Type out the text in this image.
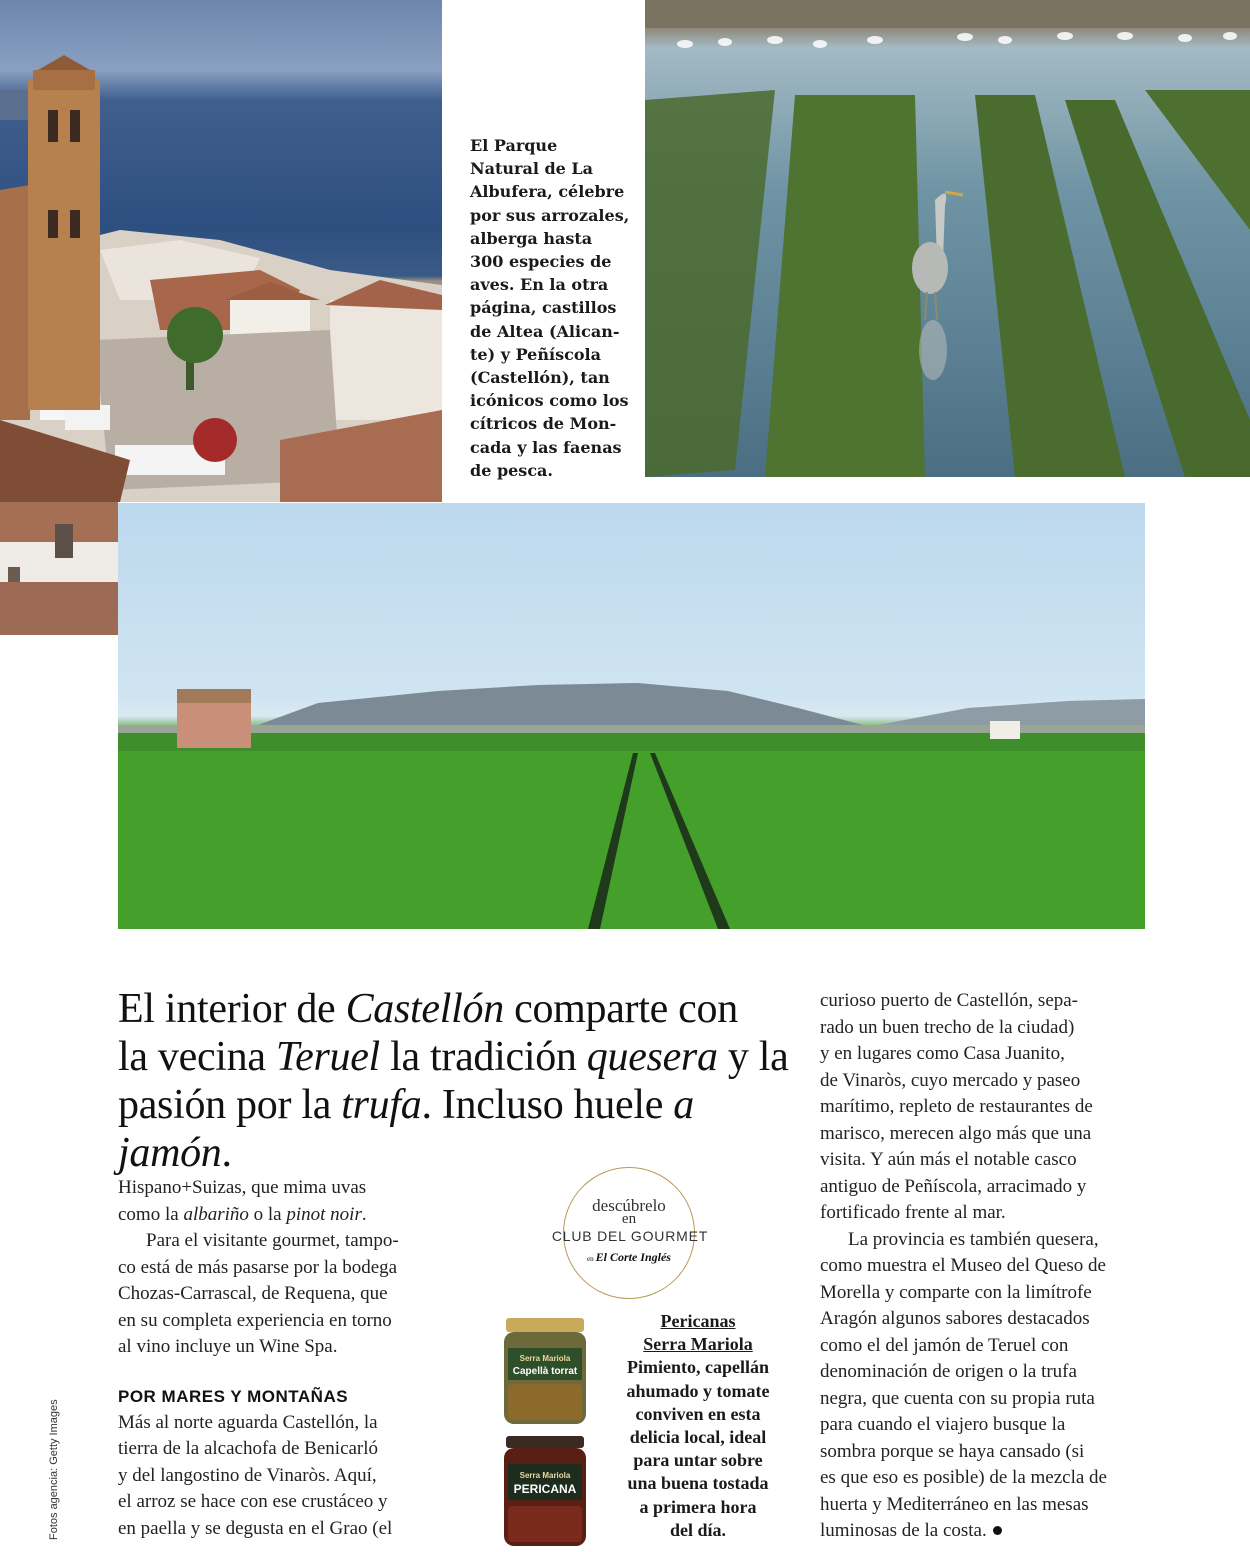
El Parque
Natural de La
Albufera, célebre
por sus arrozales,
alberga hasta
300 especies de
aves. En la otra
página, castillos
de Altea (Alican-
te) y Peñíscola
(Castellón), tan
icónicos como los
cítricos de Mon-
cada y las faenas
de pesca.
El interior de Castellón comparte con
la vecina Teruel la tradición quesera y la
pasión por la trufa. Incluso huele a jamón.

Hispano+Suizas, que mima uvas
como la albariño o la pinot noir.

Para el visitante gourmet, tampo-
co está de más pasarse por la bodega
Chozas-Carrascal, de Requena, que
en su completa experiencia en torno
al vino incluye un Wine Spa.

POR MARES Y MONTAÑAS

Más al norte aguarda Castellón, la
tierra de la alcachofa de Benicarló
y del langostino de Vinaròs. Aquí,
el arroz se hace con ese crustáceo y
en paella y se degusta en el Grao (el

descúbrelo
en
CLUB DEL GOURMET
en El Corte Inglés
Serra Mariola
Capellà torrat
Serra Mariola
PERICANA
Pericanas
Serra Mariola
Pimiento, capellán
ahumado y tomate
conviven en esta
delicia local, ideal
para untar sobre
una buena tostada
a primera hora
del día.

curioso puerto de Castellón, sepa-
rado un buen trecho de la ciudad)
y en lugares como Casa Juanito,
de Vinaròs, cuyo mercado y paseo
marítimo, repleto de restaurantes de
marisco, merecen algo más que una
visita. Y aún más el notable casco
antiguo de Peñíscola, arracimado y
fortificado frente al mar.

La provincia es también quesera,
como muestra el Museo del Queso de
Morella y comparte con la limítrofe
Aragón algunos sabores destacados
como el del jamón de Teruel con
denominación de origen o la trufa
negra, que cuenta con su propia ruta
para cuando el viajero busque la
sombra porque se haya cansado (si
es que eso es posible) de la mezcla de
huerta y Mediterráneo en las mesas
luminosas de la costa.

Fotos agencia: Getty Images
